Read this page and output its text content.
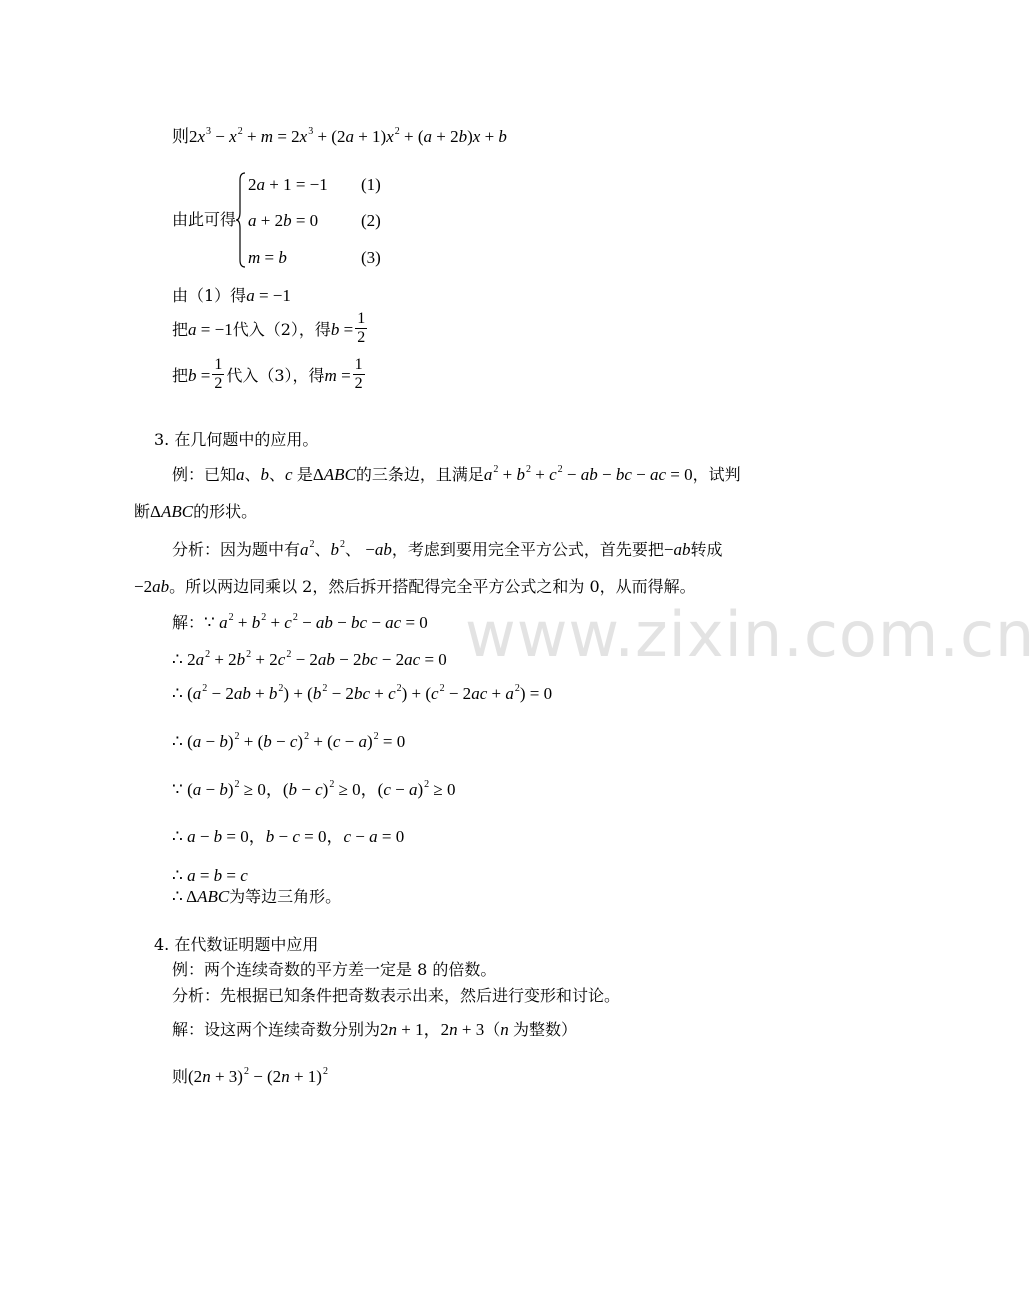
www.zixin.com.cn
则$2x^3 - x^2 + m = 2x^3 + (2a + 1)x^2 + (a + 2b)x + b$
由此可得
2a + 1 = −1
a + 2b = 0
m = b
(1)
(2)
(3)
由（1）得a = −1
把a = −1代入（2），得$b = \frac{1}{2}$
把$b = \frac{1}{2}$ 代入（3），得$m = \frac{1}{2}$
3. 在几何题中的应用。
例：已知a、b、c 是ΔABC的三条边，且满足$a^2 + b^2 + c^2$ − ab − bc − ac = 0，试判
断ΔABC的形状。
分析：因为题中有$a^2$、$b^2$、 −ab，考虑到要用完全平方公式，首先要把−ab转成
−2ab。所以两边同乘以 2，然后拆开搭配得完全平方公式之和为 0，从而得解。
解：∵ $a^2 + b^2 + c^2$ − ab − bc − ac = 0
∴ $2a^2 + 2b^2 + 2c^2 - 2ab - 2bc - 2ac = 0$
∴ $(a^2 - 2ab + b^2) + (b^2 - 2bc + c^2) + (c^2 - 2ac + a^2) = 0$
∴ $(a - b)^2 + (b - c)^2 + (c - a)^2 = 0$
∵ $(a - b)^2 \ge 0$，$(b - c)^2 \ge 0$，$(c - a)^2 \ge 0$
∴ a − b = 0，b − c = 0，c − a = 0
∴ a = b = c
∴ ΔABC为等边三角形。
4. 在代数证明题中应用
例：两个连续奇数的平方差一定是 8 的倍数。
分析：先根据已知条件把奇数表示出来，然后进行变形和讨论。
解：设这两个连续奇数分别为2n + 1，2n + 3（n 为整数）
则$(2n + 3)^2 - (2n + 1)^2$
